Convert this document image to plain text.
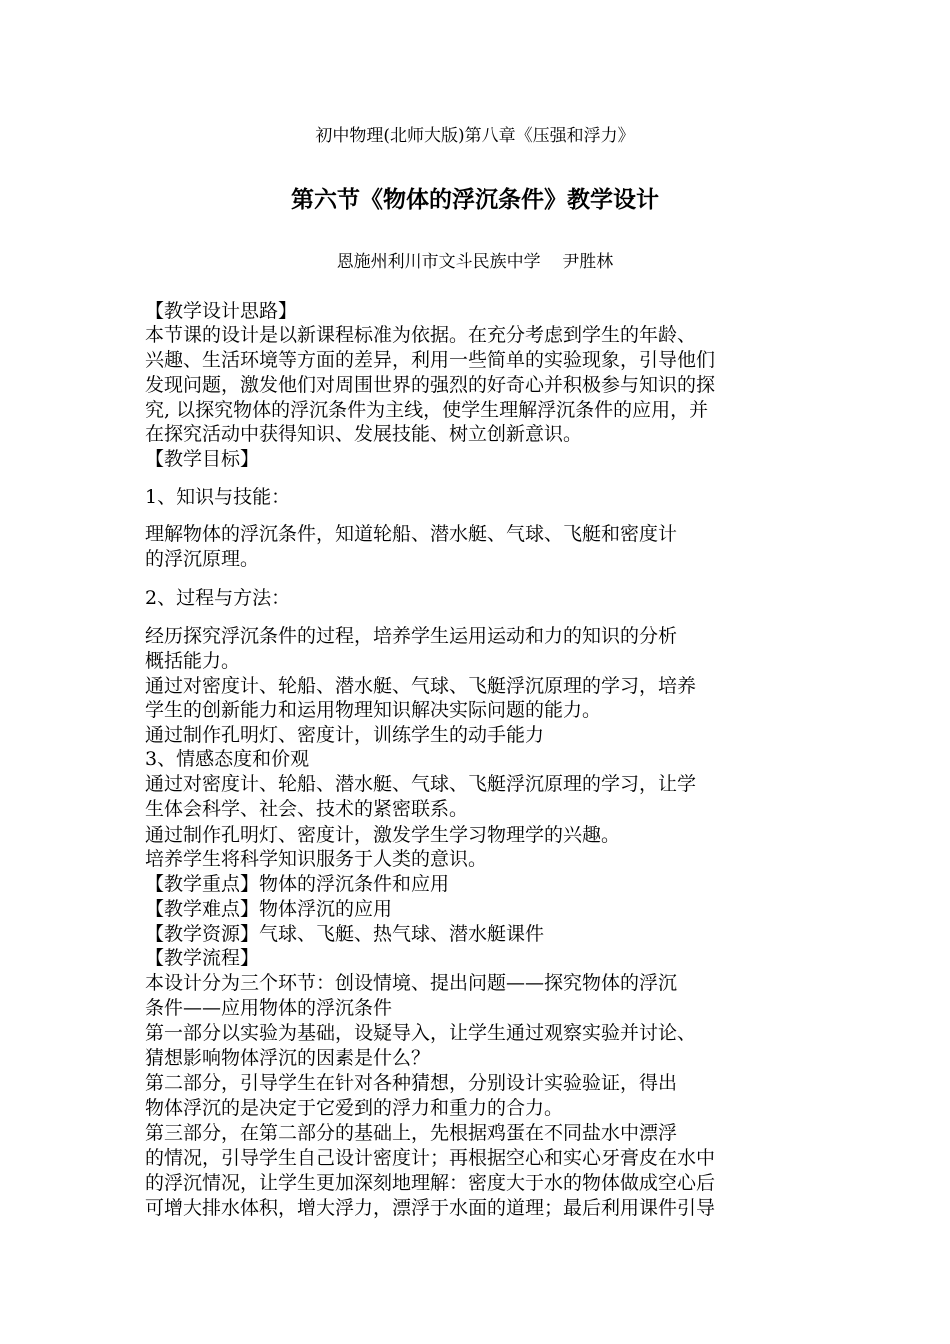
初中物理(北师大版)第八章《压强和浮力》
第六节《物体的浮沉条件》教学设计
恩施州利川市文斗民族中学    尹胜林
【教学设计思路】
本节课的设计是以新课程标准为依据。在充分考虑到学生的年龄、
兴趣、生活环境等方面的差异，利用一些简单的实验现象，引导他们
发现问题，激发他们对周围世界的强烈的好奇心并积极参与知识的探
究, 以探究物体的浮沉条件为主线，使学生理解浮沉条件的应用，并
在探究活动中获得知识、发展技能、树立创新意识。
【教学目标】
1、知识与技能：
理解物体的浮沉条件，知道轮船、潜水艇、气球、飞艇和密度计
的浮沉原理。
2、过程与方法：
经历探究浮沉条件的过程，培养学生运用运动和力的知识的分析
概括能力。
通过对密度计、轮船、潜水艇、气球、飞艇浮沉原理的学习，培养
学生的创新能力和运用物理知识解决实际问题的能力。
通过制作孔明灯、密度计，训练学生的动手能力
3、情感态度和价观
通过对密度计、轮船、潜水艇、气球、飞艇浮沉原理的学习，让学
生体会科学、社会、技术的紧密联系。
通过制作孔明灯、密度计，激发学生学习物理学的兴趣。
培养学生将科学知识服务于人类的意识。
【教学重点】物体的浮沉条件和应用
【教学难点】物体浮沉的应用
【教学资源】气球、飞艇、热气球、潜水艇课件
【教学流程】
本设计分为三个环节：创设情境、提出问题——探究物体的浮沉
条件——应用物体的浮沉条件
第一部分以实验为基础，设疑导入，让学生通过观察实验并讨论、
猜想影响物体浮沉的因素是什么？
第二部分，引导学生在针对各种猜想，分别设计实验验证，得出
物体浮沉的是决定于它爱到的浮力和重力的合力。
第三部分，在第二部分的基础上，先根据鸡蛋在不同盐水中漂浮
的情况，引导学生自己设计密度计；再根据空心和实心牙膏皮在水中
的浮沉情况，让学生更加深刻地理解：密度大于水的物体做成空心后
可增大排水体积，增大浮力，漂浮于水面的道理；最后利用课件引导
